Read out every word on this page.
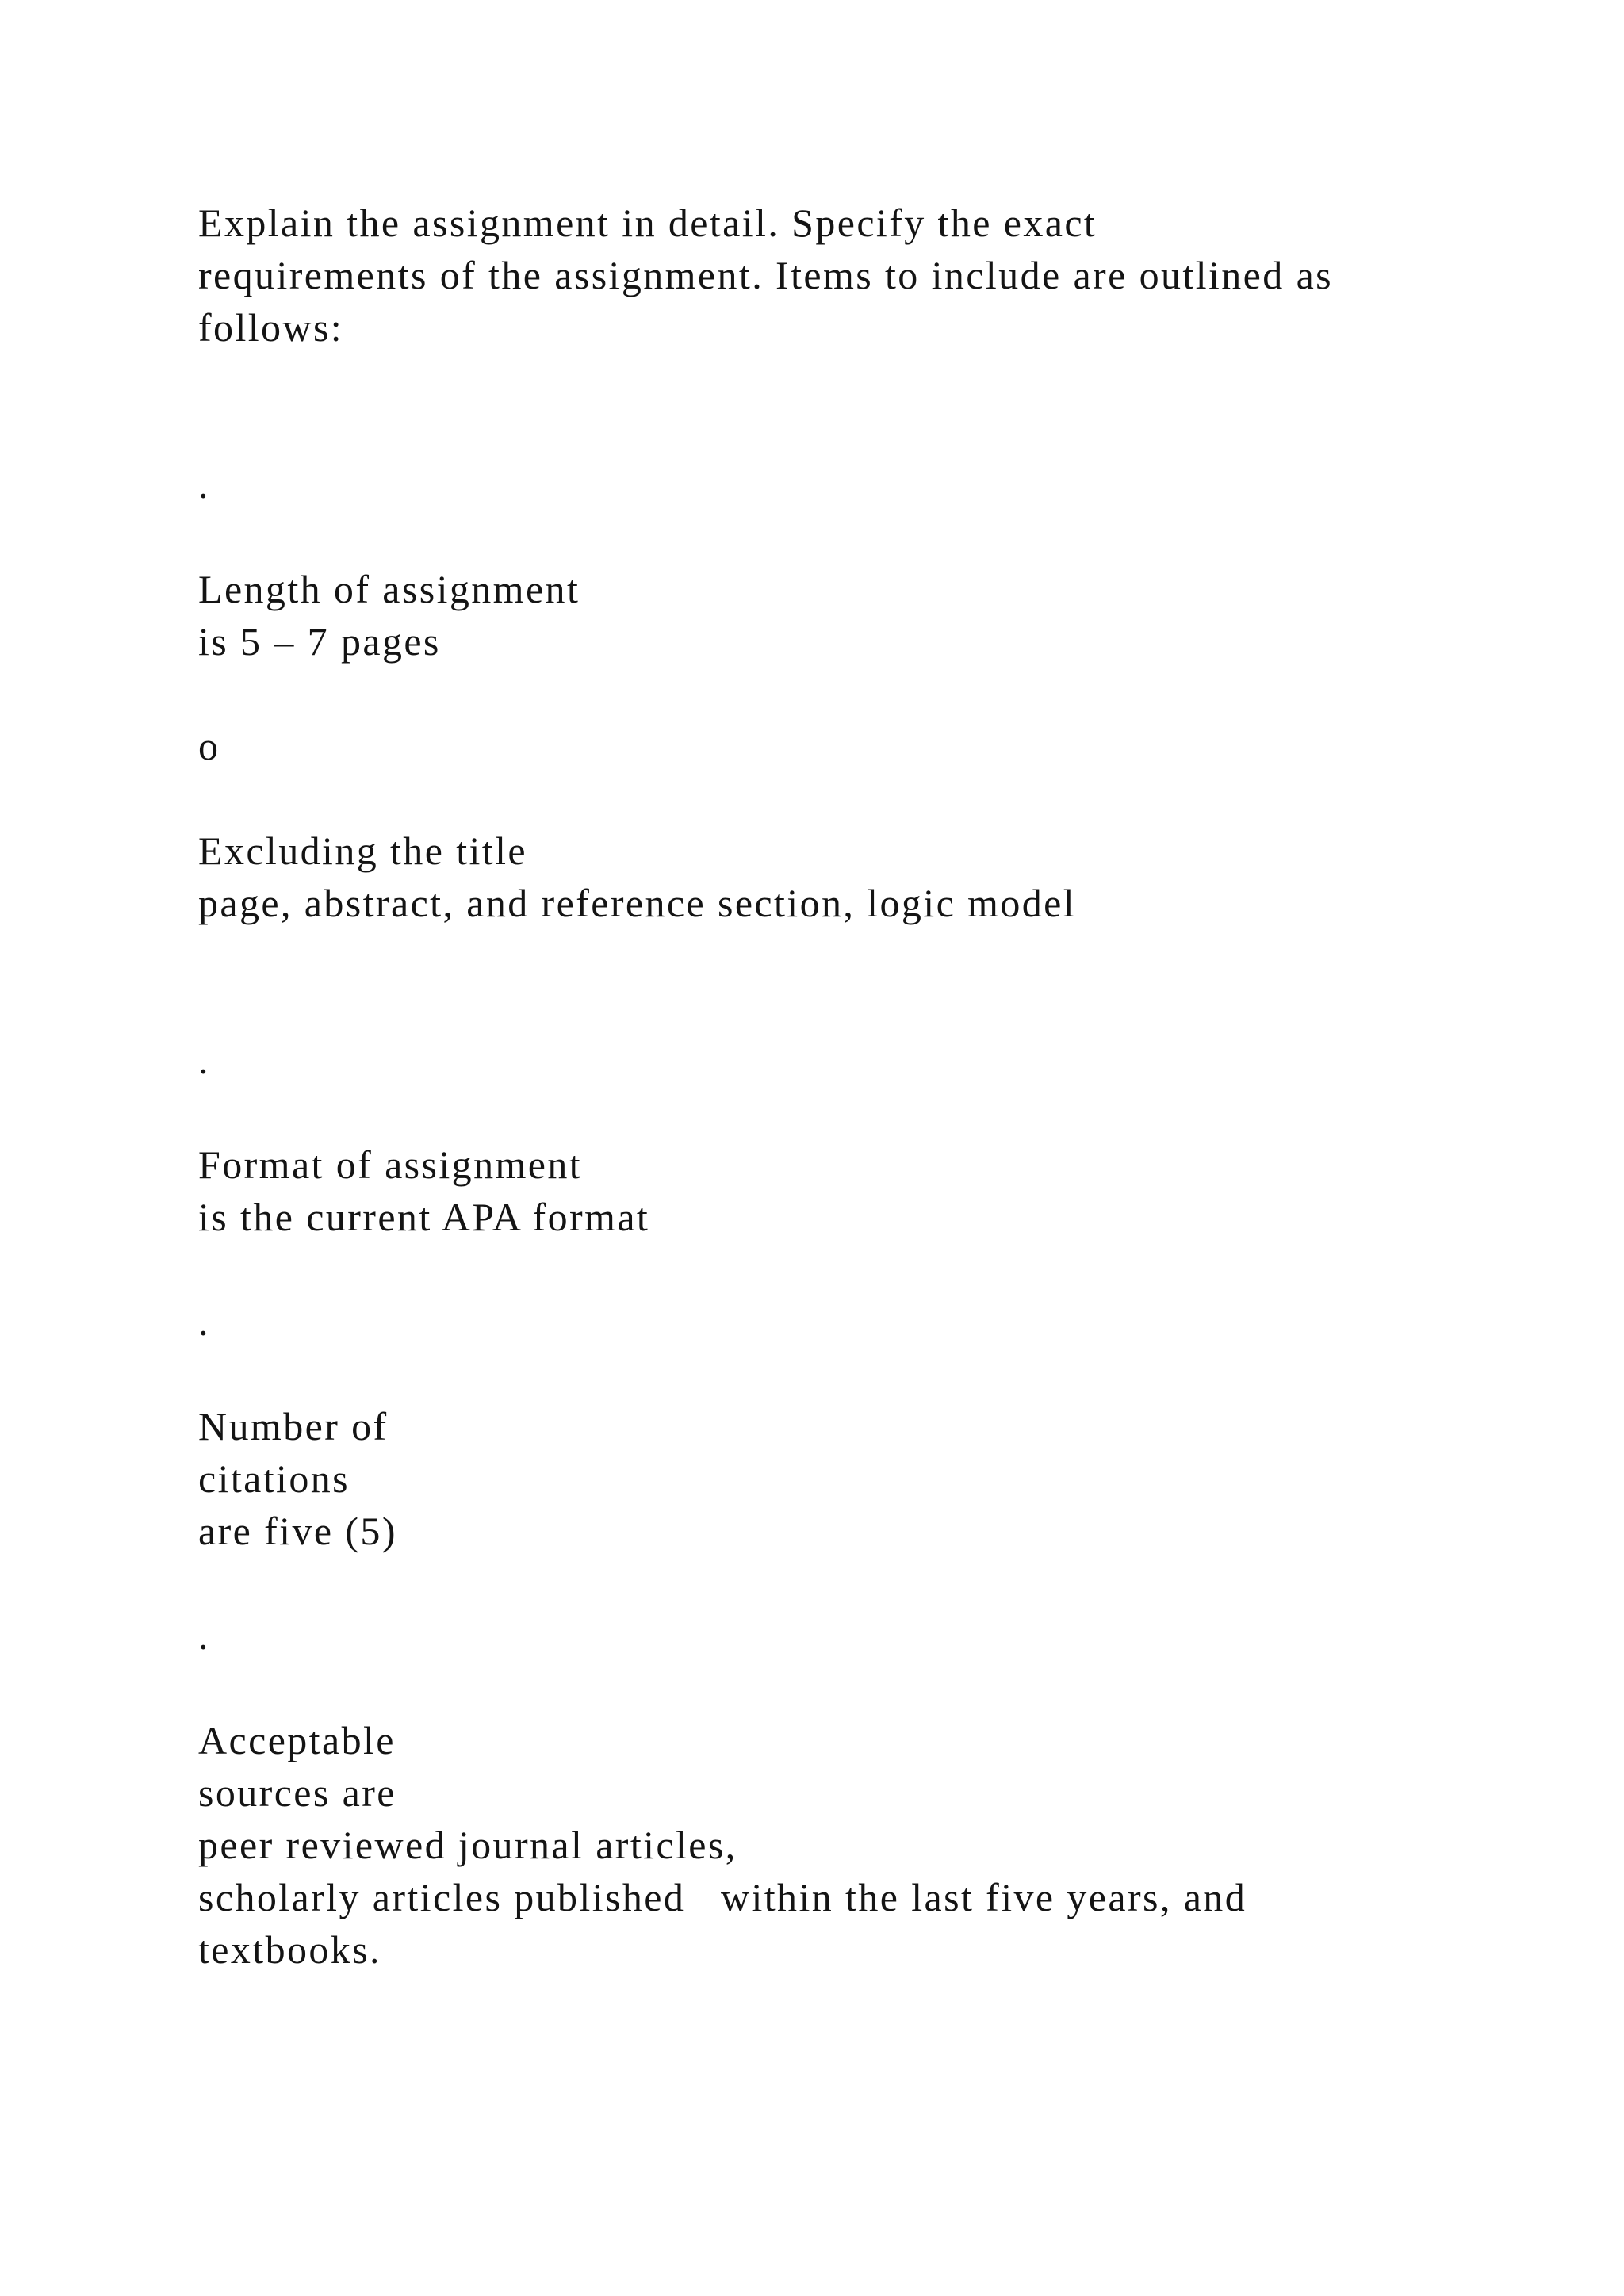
Explain the assignment in detail. Specify the exact

requirements of the assignment. Items to include are outlined as

follows:

.

Length of assignment

is 5 – 7 pages

o

Excluding the title

page, abstract, and reference section, logic model

.

Format of assignment

is the current APA format

.

Number of

citations

are five (5)

.

Acceptable

sources are

peer reviewed journal articles,

scholarly articles published   within the last five years, and

textbooks.
